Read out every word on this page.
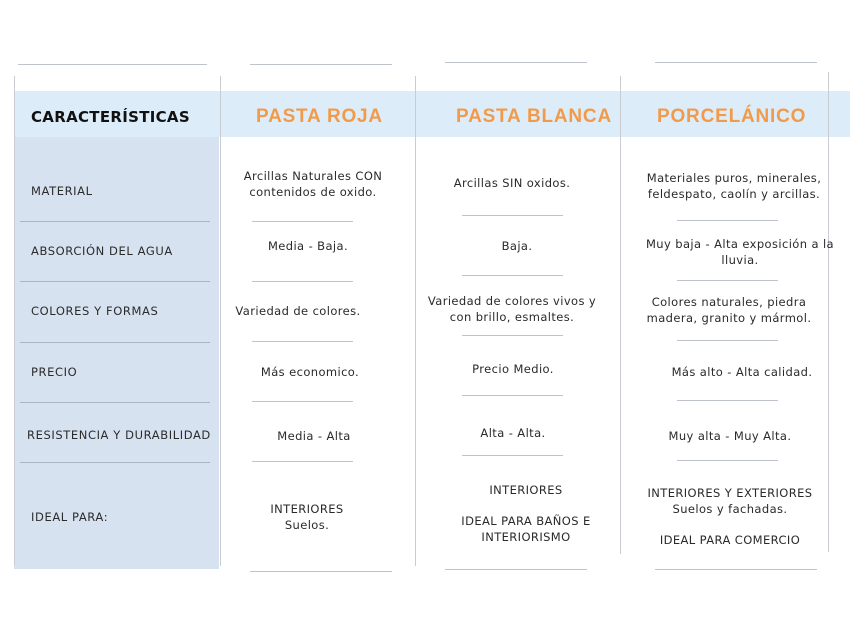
CARACTERÍSTICAS	PASTA ROJA	PASTA BLANCA PORCELÁNICO
MATERIAL
ABSORCIÓN DEL AGUA
COLORES Y FORMAS
PRECIO
RESISTENCIA Y DURABILIDAD
IDEAL PARA:
Arcillas Naturales CON
contenidos de oxido.
Media - Baja.
Variedad de colores.
Más economico.
Media - Alta
INTERIORES
Suelos.
Arcillas SIN oxidos.
Baja.
Variedad de colores vivos y
con brillo, esmaltes.
Precio Medio.
Alta - Alta.
INTERIORES
IDEAL PARA BAÑOS E
INTERIORISMO
Materiales puros, minerales,
feldespato, caolín y arcillas.
Muy baja - Alta exposición a la
lluvia.
Colores naturales, piedra
madera, granito y mármol.
Más alto - Alta calidad.
Muy alta - Muy Alta.
INTERIORES Y EXTERIORES
Suelos y fachadas.
IDEAL PARA COMERCIO
